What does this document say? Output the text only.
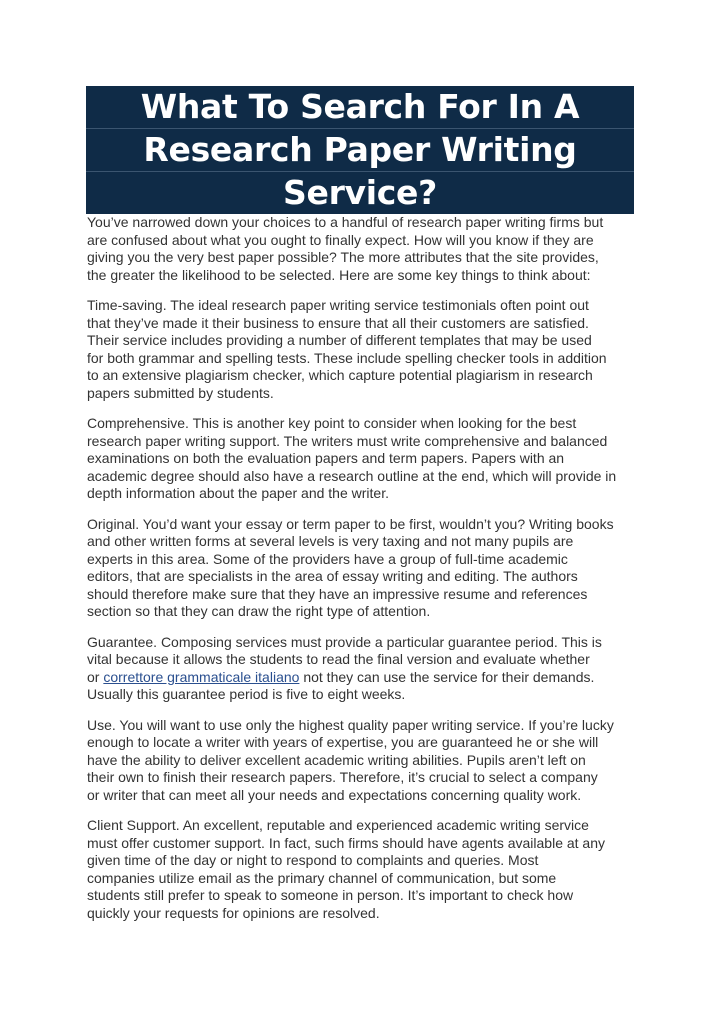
What To Search For In A
Research Paper Writing
Service?

You’ve narrowed down your choices to a handful of research paper writing firms but
are confused about what you ought to finally expect. How will you know if they are
giving you the very best paper possible? The more attributes that the site provides,
the greater the likelihood to be selected. Here are some key things to think about:

Time-saving. The ideal research paper writing service testimonials often point out
that they’ve made it their business to ensure that all their customers are satisfied.
Their service includes providing a number of different templates that may be used
for both grammar and spelling tests. These include spelling checker tools in addition
to an extensive plagiarism checker, which capture potential plagiarism in research
papers submitted by students.

Comprehensive. This is another key point to consider when looking for the best
research paper writing support. The writers must write comprehensive and balanced
examinations on both the evaluation papers and term papers. Papers with an
academic degree should also have a research outline at the end, which will provide in
depth information about the paper and the writer.

Original. You’d want your essay or term paper to be first, wouldn’t you? Writing books
and other written forms at several levels is very taxing and not many pupils are
experts in this area. Some of the providers have a group of full-time academic
editors, that are specialists in the area of essay writing and editing. The authors
should therefore make sure that they have an impressive resume and references
section so that they can draw the right type of attention.

Guarantee. Composing services must provide a particular guarantee period. This is
vital because it allows the students to read the final version and evaluate whether
or correttore grammaticale italiano not they can use the service for their demands.
Usually this guarantee period is five to eight weeks.

Use. You will want to use only the highest quality paper writing service. If you’re lucky
enough to locate a writer with years of expertise, you are guaranteed he or she will
have the ability to deliver excellent academic writing abilities. Pupils aren’t left on
their own to finish their research papers. Therefore, it’s crucial to select a company
or writer that can meet all your needs and expectations concerning quality work.

Client Support. An excellent, reputable and experienced academic writing service
must offer customer support. In fact, such firms should have agents available at any
given time of the day or night to respond to complaints and queries. Most
companies utilize email as the primary channel of communication, but some
students still prefer to speak to someone in person. It’s important to check how
quickly your requests for opinions are resolved.
